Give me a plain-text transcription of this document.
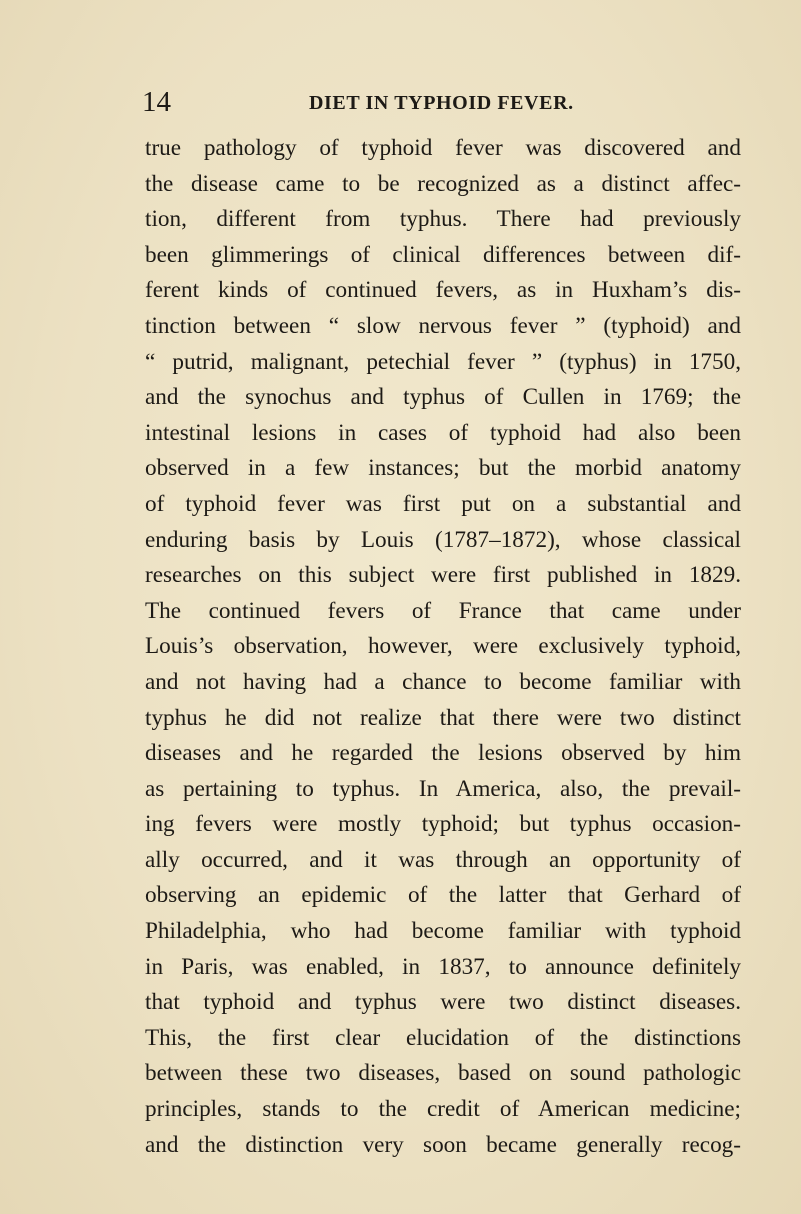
14	DIET IN TYPHOID FEVER.
true pathology of typhoid fever was discovered and
the disease came to be recognized as a distinct affec-
tion, different from typhus. There had previously
been glimmerings of clinical differences between dif-
ferent kinds of continued fevers, as in Huxham’s dis-
tinction between “ slow nervous fever ” (typhoid) and
“ putrid, malignant, petechial fever ” (typhus) in 1750,
and the synochus and typhus of Cullen in 1769; the
intestinal lesions in cases of typhoid had also been
observed in a few instances; but the morbid anatomy
of typhoid fever was first put on a substantial and
enduring basis by Louis (1787–1872), whose classical
researches on this subject were first published in 1829.
The continued fevers of France that came under
Louis’s observation, however, were exclusively typhoid,
and not having had a chance to become familiar with
typhus he did not realize that there were two distinct
diseases and he regarded the lesions observed by him
as pertaining to typhus. In America, also, the prevail-
ing fevers were mostly typhoid; but typhus occasion-
ally occurred, and it was through an opportunity of
observing an epidemic of the latter that Gerhard of
Philadelphia, who had become familiar with typhoid
in Paris, was enabled, in 1837, to announce definitely
that typhoid and typhus were two distinct diseases.
This, the first clear elucidation of the distinctions
between these two diseases, based on sound pathologic
principles, stands to the credit of American medicine;
and the distinction very soon became generally recog-
